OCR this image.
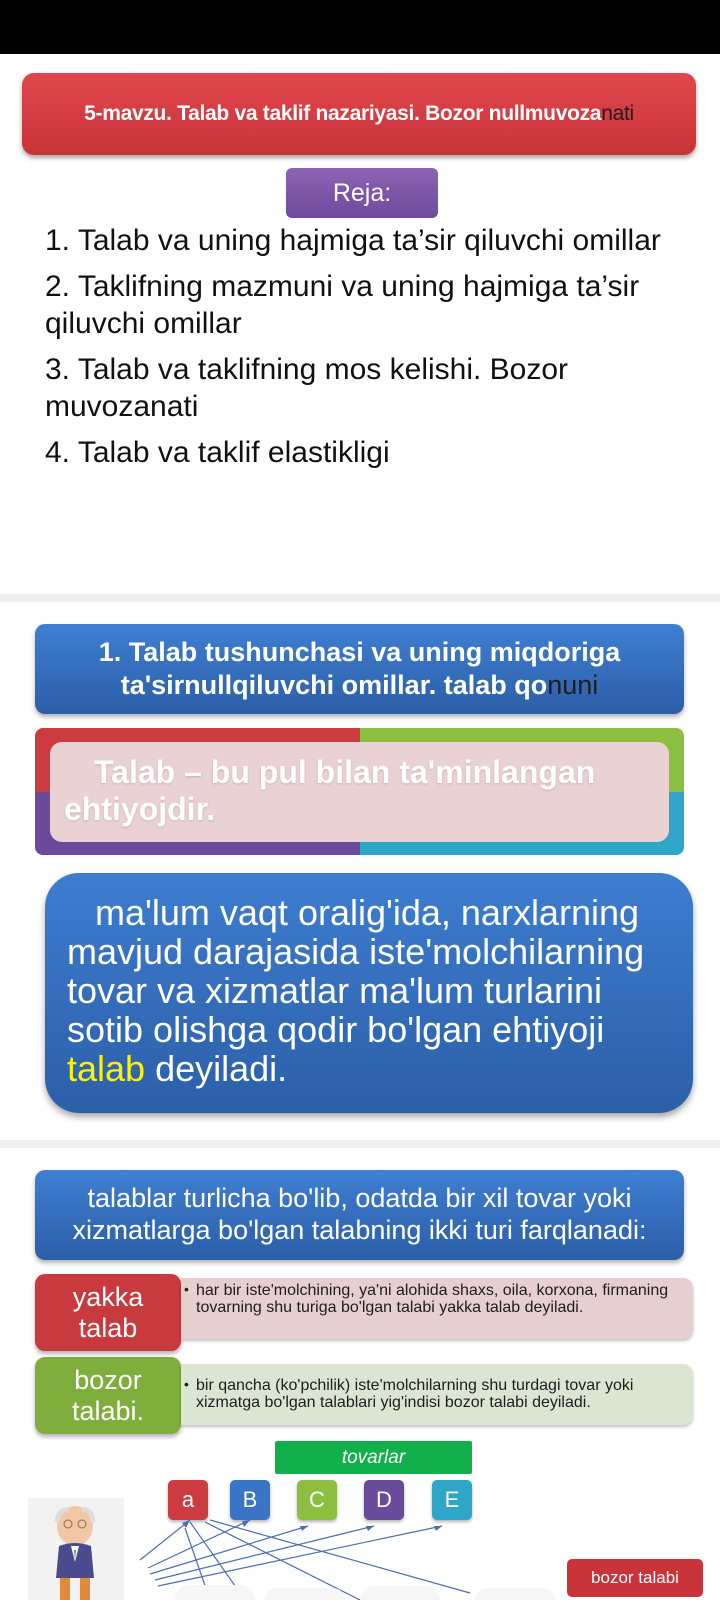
5-mavzu. Talab va taklif nazariyasi. Bozor nullmuvoza nati
Reja:
1. Talab va uning hajmiga ta’sir qiluvchi omillar
2. Taklifning mazmuni va uning hajmiga ta’sir qiluvchi omillar
3. Talab va taklifning mos kelishi. Bozor muvozanati
4. Talab va taklif elastikligi
1. Talab tushunchasi va uning miqdoriga
ta'sirnullqiluvchi omillar. talab qonuni
Talab – bu pul bilan ta'minlangan ehtiyojdir.
ma'lum vaqt oralig'ida, narxlarning mavjud darajasida iste'molchilarning tovar va xizmatlar ma'lum turlarini sotib olishga qodir bo'lgan ehtiyoji talab deyiladi.
talablar turlicha bo'lib, odatda bir xil tovar yoki xizmatlarga bo'lgan talabning ikki turi farqlanadi:
yakka
talab
• har bir iste'molchining, ya'ni alohida shaxs, oila, korxona, firmaning tovarning shu turiga bo'lgan talabi yakka talab deyiladi.
bozor
talabi.
• bir qancha (ko'pchilik) iste'molchilarning shu turdagi tovar yoki xizmatga bo'lgan talablari yig'indisi bozor talabi deyiladi.
tovarlar
a	B	C	D	E
bozor talabi
